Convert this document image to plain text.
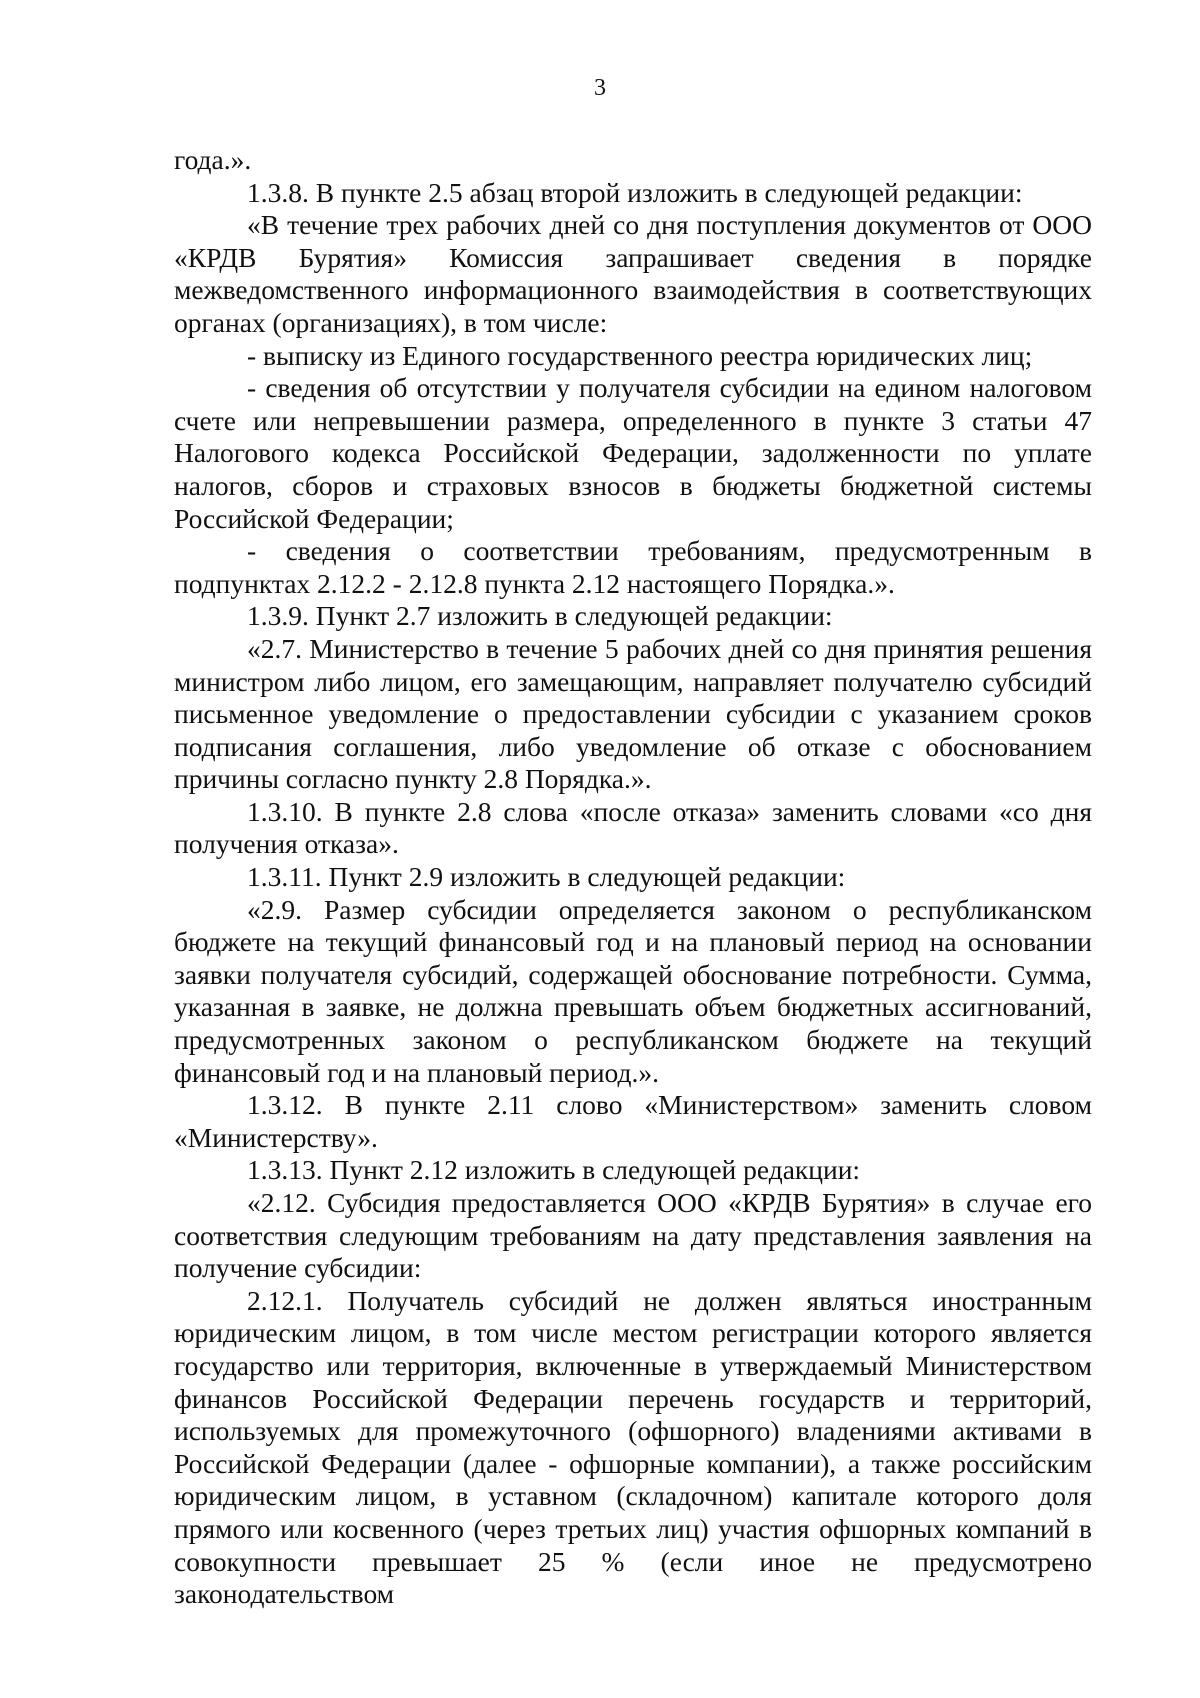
3

года.».

1.3.8. В пункте 2.5 абзац второй изложить в следующей редакции:

«В течение трех рабочих дней со дня поступления документов от ООО «КРДВ Бурятия» Комиссия запрашивает сведения в порядке межведомственного информационного взаимодействия в соответствующих органах (организациях), в том числе:

- выписку из Единого государственного реестра юридических лиц;

- сведения об отсутствии у получателя субсидии на едином налоговом счете или непревышении размера, определенного в пункте 3 статьи 47 Налогового кодекса Российской Федерации, задолженности по уплате налогов, сборов и страховых взносов в бюджеты бюджетной системы Российской Федерации;

- сведения о соответствии требованиям, предусмотренным в подпунктах 2.12.2 - 2.12.8 пункта 2.12 настоящего Порядка.».

1.3.9. Пункт 2.7 изложить в следующей редакции:

«2.7. Министерство в течение 5 рабочих дней со дня принятия решения министром либо лицом, его замещающим, направляет получателю субсидий письменное уведомление о предоставлении субсидии с указанием сроков подписания соглашения, либо уведомление об отказе с обоснованием причины согласно пункту 2.8 Порядка.».

1.3.10. В пункте 2.8 слова «после отказа» заменить словами «со дня получения отказа».

1.3.11. Пункт 2.9 изложить в следующей редакции:

«2.9. Размер субсидии определяется законом о республиканском бюджете на текущий финансовый год и на плановый период на основании заявки получателя субсидий, содержащей обоснование потребности. Сумма, указанная в заявке, не должна превышать объем бюджетных ассигнований, предусмотренных законом о республиканском бюджете на текущий финансовый год и на плановый период.».

1.3.12. В пункте 2.11 слово «Министерством» заменить словом «Министерству».

1.3.13. Пункт 2.12 изложить в следующей редакции:

«2.12. Субсидия предоставляется ООО «КРДВ Бурятия» в случае его соответствия следующим требованиям на дату представления заявления на получение субсидии:

2.12.1. Получатель субсидий не должен являться иностранным юридическим лицом, в том числе местом регистрации которого является государство или территория, включенные в утверждаемый Министерством финансов Российской Федерации перечень государств и территорий, используемых для промежуточного (офшорного) владениями активами в Российской Федерации (далее - офшорные компании), а также российским юридическим лицом, в уставном (складочном) капитале которого доля прямого или косвенного (через третьих лиц) участия офшорных компаний в совокупности превышает 25 % (если иное не предусмотрено законодательством
